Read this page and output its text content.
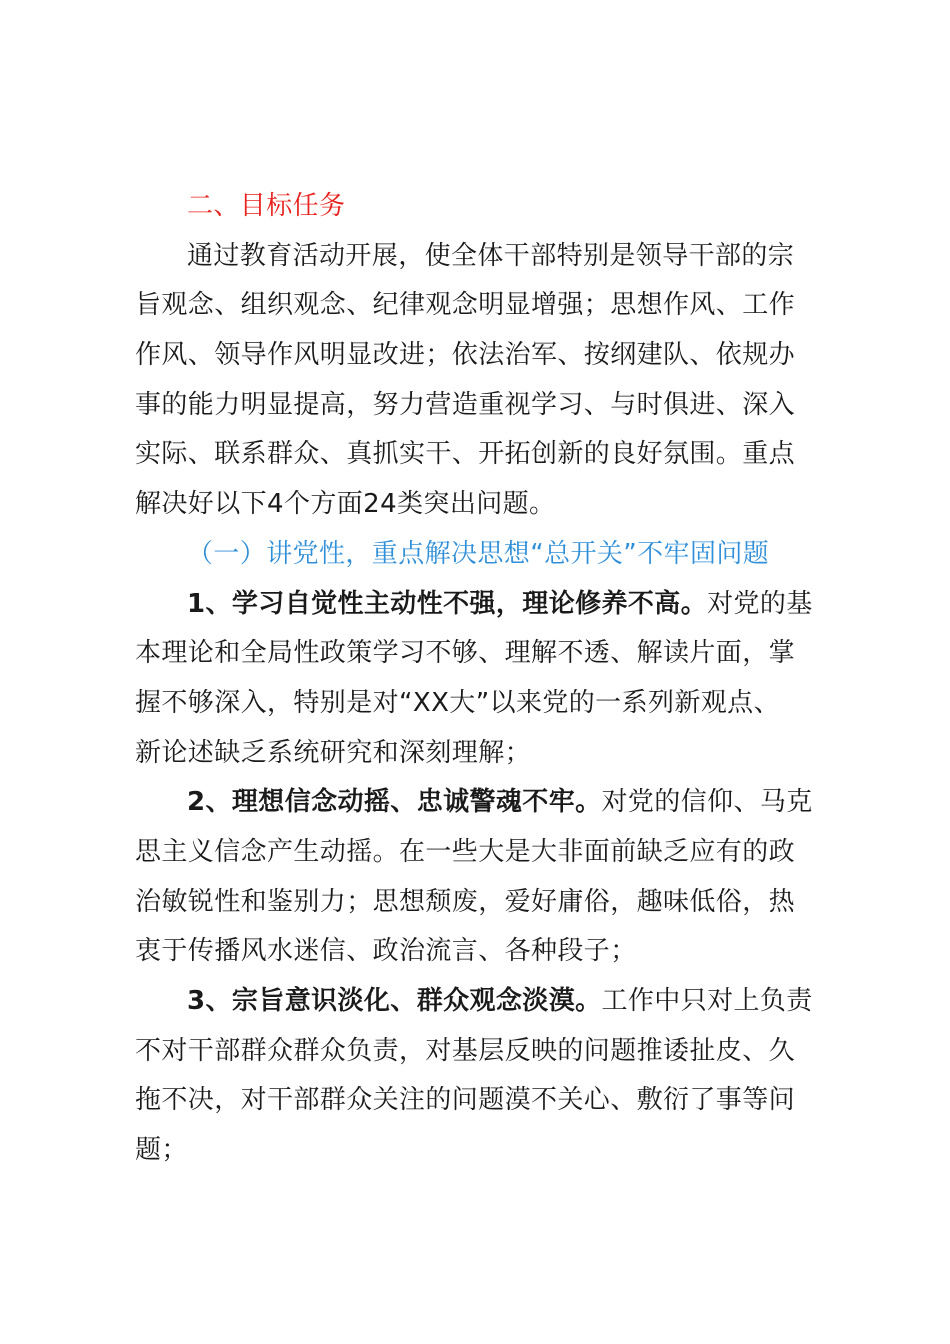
二、目标任务
通过教育活动开展，使全体干部特别是领导干部的宗
旨观念、组织观念、纪律观念明显增强；思想作风、工作
作风、领导作风明显改进；依法治军、按纲建队、依规办
事的能力明显提高，努力营造重视学习、与时俱进、深入
实际、联系群众、真抓实干、开拓创新的良好氛围。重点
解决好以下4个方面24类突出问题。
（一）讲党性，重点解决思想“总开关”不牢固问题
1、学习自觉性主动性不强，理论修养不高。对党的基
本理论和全局性政策学习不够、理解不透、解读片面，掌
握不够深入，特别是对“XX大”以来党的一系列新观点、
新论述缺乏系统研究和深刻理解；
2、理想信念动摇、忠诚警魂不牢。对党的信仰、马克
思主义信念产生动摇。在一些大是大非面前缺乏应有的政
治敏锐性和鉴别力；思想颓废，爱好庸俗，趣味低俗，热
衷于传播风水迷信、政治流言、各种段子；
3、宗旨意识淡化、群众观念淡漠。工作中只对上负责
不对干部群众群众负责，对基层反映的问题推诿扯皮、久
拖不决，对干部群众关注的问题漠不关心、敷衍了事等问
题；
